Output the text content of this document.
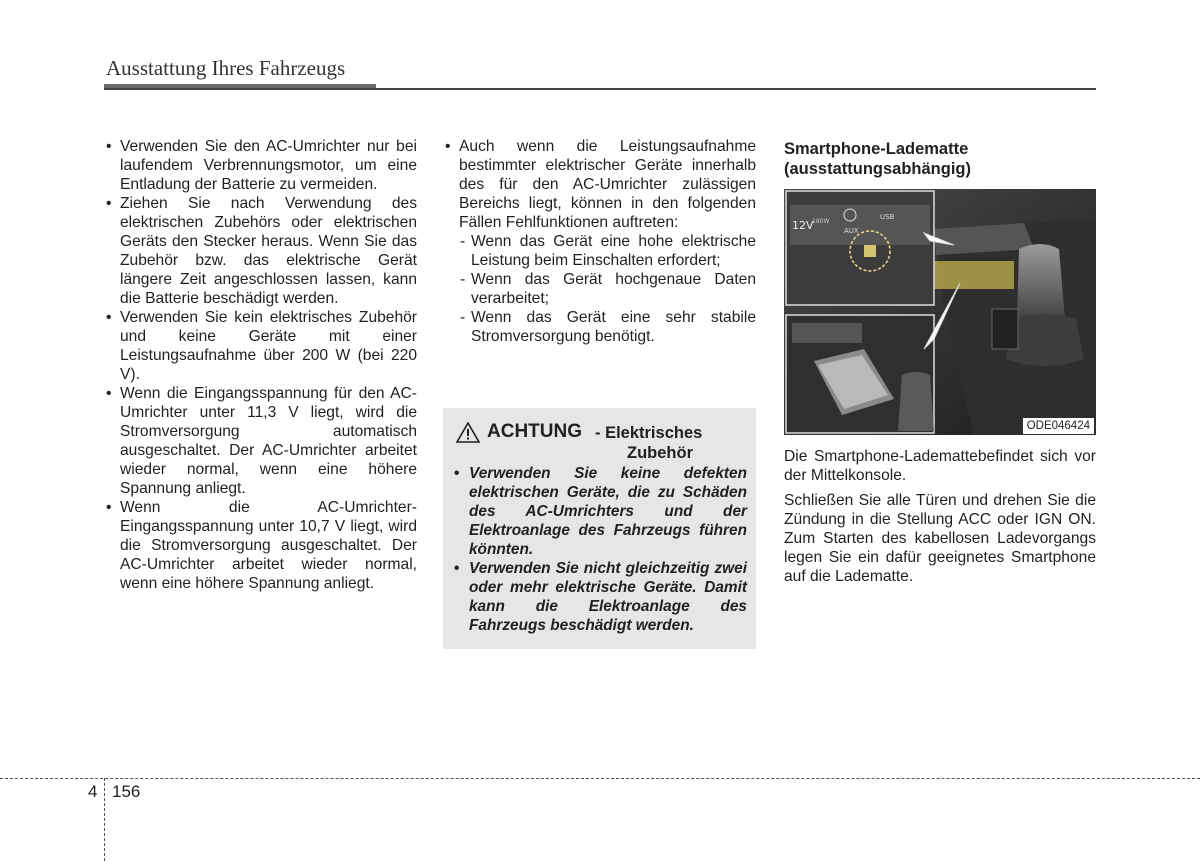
Ausstattung Ihres Fahrzeugs
• Verwenden Sie den AC-Umrichter nur bei laufendem Verbrennungsmotor, um eine Entladung der Batterie zu vermeiden.
• Ziehen Sie nach Verwendung des elektrischen Zubehörs oder elektrischen Geräts den Stecker heraus. Wenn Sie das Zubehör bzw. das elektrische Gerät längere Zeit angeschlossen lassen, kann die Batterie beschädigt werden.
• Verwenden Sie kein elektrisches Zubehör und keine Geräte mit einer Leistungsaufnahme über 200 W (bei 220 V).
• Wenn die Eingangsspannung für den AC-Umrichter unter 11,3 V liegt, wird die Stromversorgung automatisch ausgeschaltet. Der AC-Umrichter arbeitet wieder normal, wenn eine höhere Spannung anliegt.
• Wenn die AC-Umrichter-Eingangsspannung unter 10,7 V liegt, wird die Stromversorgung ausgeschaltet. Der AC-Umrichter arbeitet wieder normal, wenn eine höhere Spannung anliegt.
• Auch wenn die Leistungsaufnahme bestimmter elektrischer Geräte innerhalb des für den AC-Umrichter zulässigen Bereichs liegt, können in den folgenden Fällen Fehlfunktionen auftreten:
- Wenn das Gerät eine hohe elektrische Leistung beim Einschalten erfordert;
- Wenn das Gerät hochgenaue Daten verarbeitet;
- Wenn das Gerät eine sehr stabile Stromversorgung benötigt.
ACHTUNG - Elektrisches
Zubehör
• Verwenden Sie keine defekten elektrischen Geräte, die zu Schäden des AC-Umrichters und der Elektroanlage des Fahrzeugs führen könnten.
• Verwenden Sie nicht gleichzeitig zwei oder mehr elektrische Geräte. Damit kann die Elektroanlage des Fahrzeugs beschädigt werden.
Smartphone-Ladematte
(ausstattungsabhängig)
12V
180W
AUX
USB
ODE046424

Die Smartphone-Lademattebefindet sich vor der Mittelkonsole.

Schließen Sie alle Türen und drehen Sie die Zündung in die Stellung ACC oder IGN ON. Zum Starten des kabellosen Ladevorgangs legen Sie ein dafür geeignetes Smartphone auf die Ladematte.

4 156
